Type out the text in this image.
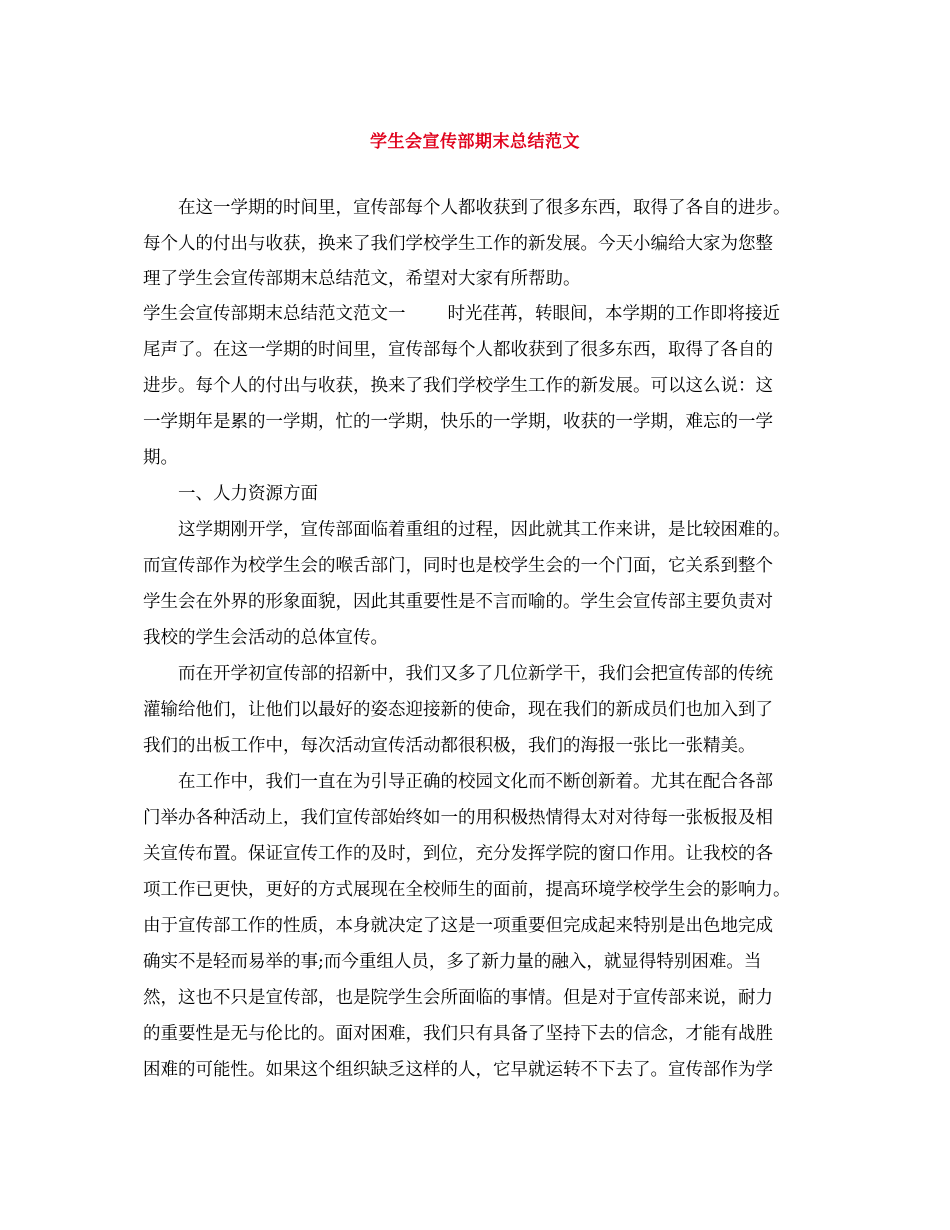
学生会宣传部期末总结范文

在这一学期的时间里，宣传部每个人都收获到了很多东西，取得了各自的进步。

每个人的付出与收获，换来了我们学校学生工作的新发展。今天小编给大家为您整

理了学生会宣传部期末总结范文，希望对大家有所帮助。

学生会宣传部期末总结范文范文一 时光荏苒，转眼间，本学期的工作即将接近

尾声了。在这一学期的时间里，宣传部每个人都收获到了很多东西，取得了各自的

进步。每个人的付出与收获，换来了我们学校学生工作的新发展。可以这么说：这

一学期年是累的一学期，忙的一学期，快乐的一学期，收获的一学期，难忘的一学

期。

一、人力资源方面

这学期刚开学，宣传部面临着重组的过程，因此就其工作来讲，是比较困难的。

而宣传部作为校学生会的喉舌部门，同时也是校学生会的一个门面，它关系到整个

学生会在外界的形象面貌，因此其重要性是不言而喻的。学生会宣传部主要负责对

我校的学生会活动的总体宣传。

而在开学初宣传部的招新中，我们又多了几位新学干，我们会把宣传部的传统

灌输给他们，让他们以最好的姿态迎接新的使命，现在我们的新成员们也加入到了

我们的出板工作中，每次活动宣传活动都很积极，我们的海报一张比一张精美。

在工作中，我们一直在为引导正确的校园文化而不断创新着。尤其在配合各部

门举办各种活动上，我们宣传部始终如一的用积极热情得太对对待每一张板报及相

关宣传布置。保证宣传工作的及时，到位，充分发挥学院的窗口作用。让我校的各

项工作已更快，更好的方式展现在全校师生的面前，提高环境学校学生会的影响力。

由于宣传部工作的性质，本身就决定了这是一项重要但完成起来特别是出色地完成

确实不是轻而易举的事;而今重组人员，多了新力量的融入，就显得特别困难。当

然，这也不只是宣传部，也是院学生会所面临的事情。但是对于宣传部来说，耐力

的重要性是无与伦比的。面对困难，我们只有具备了坚持下去的信念，才能有战胜

困难的可能性。如果这个组织缺乏这样的人，它早就运转不下去了。宣传部作为学
